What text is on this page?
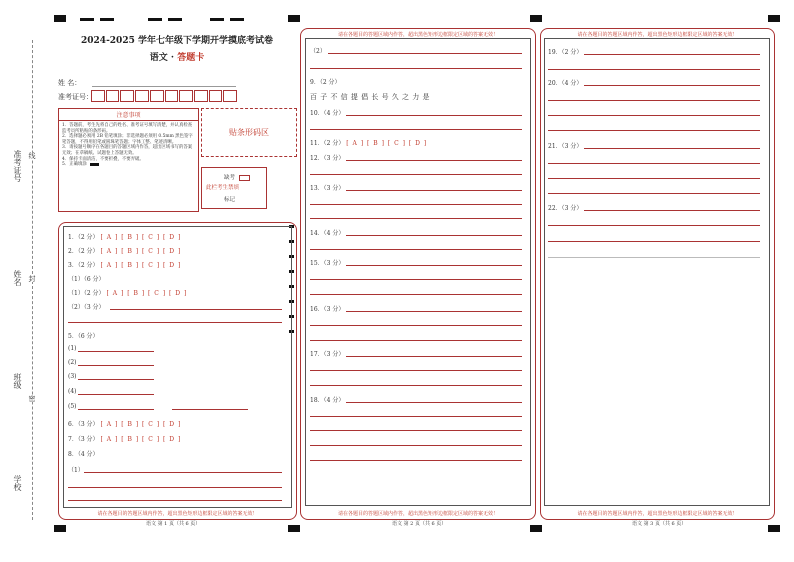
准考证号
姓名
班级
学校
线
封
密
2024-2025 学年七年级下学期开学摸底考试卷
语文 · 答题卡
姓 名：
准考证号：
注意事项
1．答题前，考生先将自己的姓名、准考证号填写清楚，并认真检查监考员所粘贴的条形码。
2．选择题必须用 2B 铅笔填涂；非选择题必须用 0.5mm 黑色签字笔答题，不得用铅笔或圆珠笔答题；字体工整、笔迹清晰。
3．请按题号顺序在各题目的答题区域内作答，超出区域书写的答案无效；在草稿纸、试题卷上答题无效。
4．保持卡面清洁，不要折叠，不要弄破。
5．正确填涂
贴条形码区
缺考
此栏考生禁填
标记
请在各题目的答题区域内作答，超出黑色矩形边框限定区域的答案无效！
1．（2 分） [ A ] [ B ] [ C ] [ D ]
2．（2 分） [ A ] [ B ] [ C ] [ D ]
3．（2 分） [ A ] [ B ] [ C ] [ D ]
（1）（6 分）
（1）（2 分） [ A ] [ B ] [ C ] [ D ]
（2）（3 分）
5．（6 分）
(1)
(2)
(3)
(4)
(5)
6．（3 分） [ A ] [ B ] [ C ] [ D ]
7．（3 分） [ A ] [ B ] [ C ] [ D ]
8．（4 分）
（1）
语文 第 1 页（共 6 页）
请在各题目的答题区域内作答，超出黑色矩形边框限定区域的答案无效！
请在各题目的答题区域内作答，超出黑色矩形边框限定区域的答案无效！
（2）
9．（2 分）
百 子 不 信 提 倡 长 号 久 之 力 是
10．（4 分）
11．（2 分） [ A ] [ B ] [ C ] [ D ]
12．（3 分）
13．（3 分）
14．（4 分）
15．（3 分）
16．（3 分）
17．（3 分）
18．（4 分）
语文 第 2 页（共 6 页）
请在各题目的答题区域内作答，超出黑色矩形边框限定区域的答案无效！
请在各题目的答题区域内作答，超出黑色矩形边框限定区域的答案无效！
19．（2 分）
20．（4 分）
21．（3 分）
22．（3 分）
语文 第 3 页（共 6 页）
